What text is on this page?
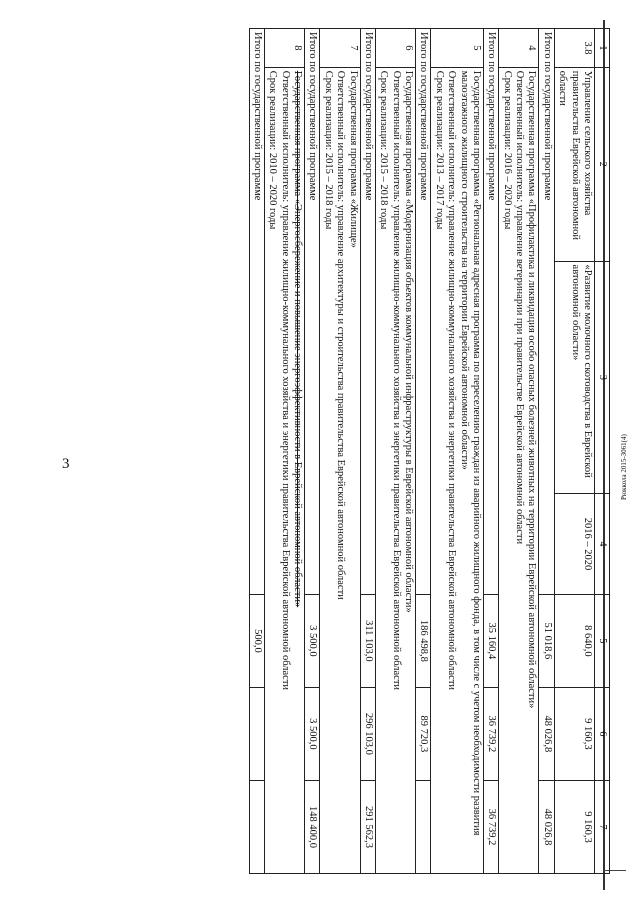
3	Рюккола 2015-3061(4)
1	2	3	4	5	6	7
3.8	Управление сельского хозяйства правительства Еврейской автономной области	«Развитие молочного скотоводства в Еврейской автономной области»	2016 – 2020	8 640,0	9 160,3	9 160,3
Итого по государственной программе				51 018,6	48 026,8	48 026,8
4	Государственная программа «Профилактика и ликвидация особо опасных болезней животных на территории Еврейской автономной области»
Ответственный исполнитель: управление ветеринарии при правительстве Еврейской автономной области
Срок реализации: 2016 – 2020 годы					

Итого по государственной программе				35 160,4	36 739,2	36 739,2
5	Государственная программа «Региональная адресная программа по переселению граждан из аварийного жилищного фонда, в том числе с учетом необходимости развития малоэтажного жилищного строительства на территории Еврейской автономной области»
Ответственный исполнитель: управление жилищно-коммунального хозяйства и энергетики правительства Еврейской автономной области
Срок реализации: 2013 – 2017 годы					

Итого по государственной программе				186 498,8	89 720,3	
6	Государственная программа «Модернизация объектов коммунальной инфраструктуры в Еврейской автономной области»
Ответственный исполнитель: управление жилищно-коммунального хозяйства и энергетики правительства Еврейской автономной области
Срок реализации: 2015 – 2018 годы					

Итого по государственной программе				311 103,0	296 103,0	291 562,3
7	Государственная программа «Жилище»
Ответственный исполнитель: управление архитектуры и строительства правительства Еврейской автономной области
Срок реализации: 2015 – 2018 годы					

Итого по государственной программе				3 500,0	3 500,0	148 400,0
8	Государственная программа «Энергосбережение и повышение энергоэффективности в Еврейской автономной области»
Ответственный исполнитель: управление жилищно-коммунального хозяйства и энергетики правительства Еврейской автономной области
Срок реализации: 2010 – 2020 годы					

Итого по государственной программе				500,0		
